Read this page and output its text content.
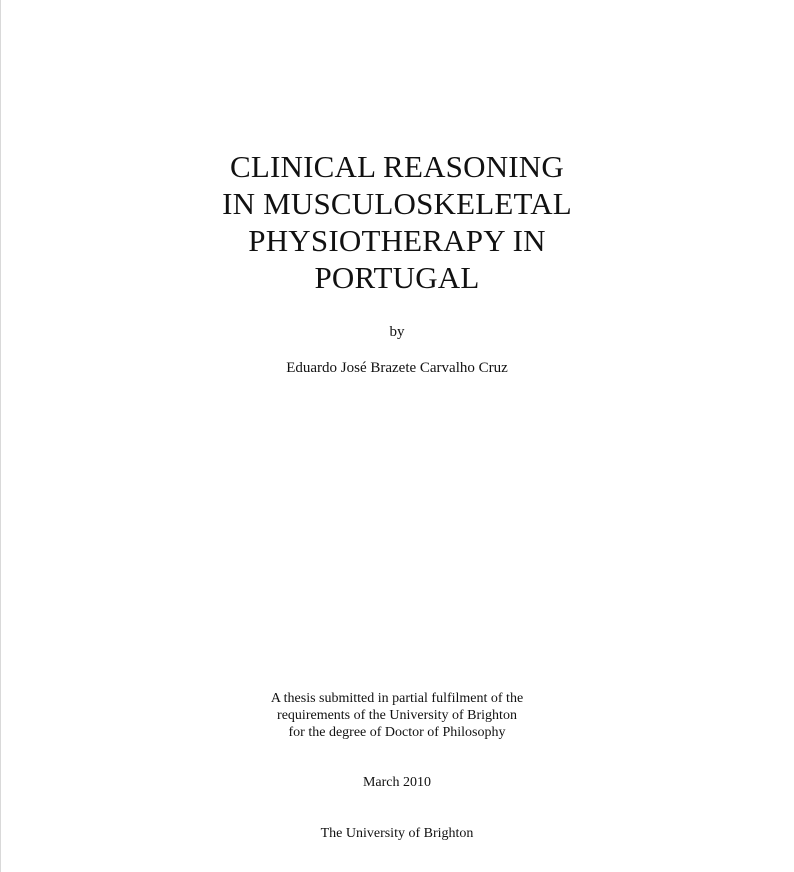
CLINICAL REASONING
IN MUSCULOSKELETAL
PHYSIOTHERAPY IN
PORTUGAL

by

Eduardo José Brazete Carvalho Cruz

A thesis submitted in partial fulfilment of the

requirements of the University of Brighton

for the degree of Doctor of Philosophy

March 2010

The University of Brighton
